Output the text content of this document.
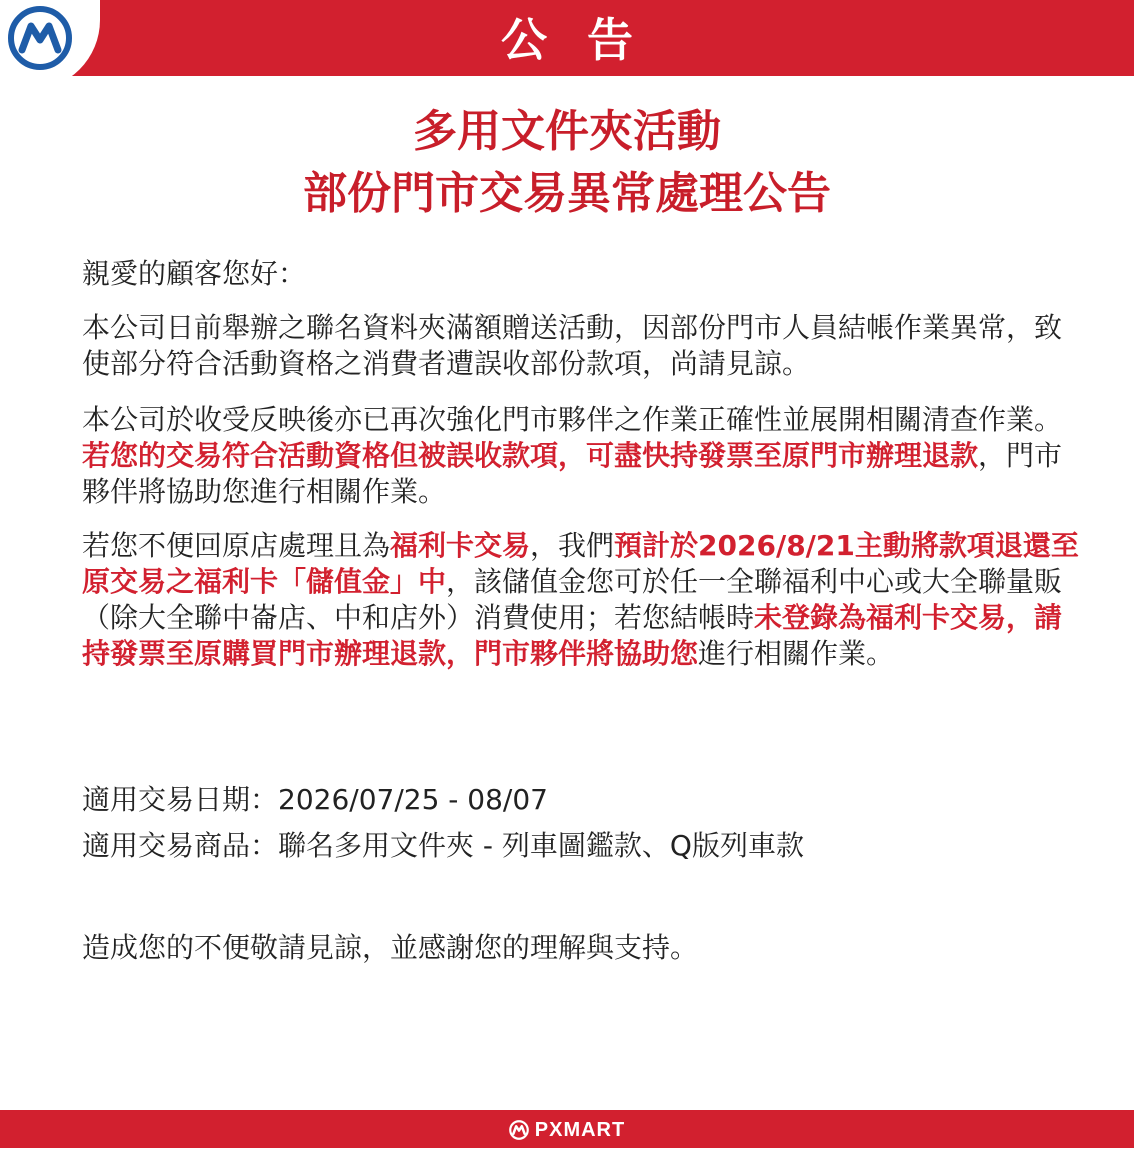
公告
多用文件夾活動
部份門市交易異常處理公告

親愛的顧客您好：

本公司日前舉辦之聯名資料夾滿額贈送活動，因部份門市人員結帳作業異常，致使部分符合活動資格之消費者遭誤收部份款項，尚請見諒。

本公司於收受反映後亦已再次強化門市夥伴之作業正確性並展開相關清查作業。若您的交易符合活動資格但被誤收款項，可盡快持發票至原門市辦理退款，門市夥伴將協助您進行相關作業。

若您不便回原店處理且為福利卡交易，我們預計於2026/8/21主動將款項退還至原交易之福利卡「儲值金」中，該儲值金您可於任一全聯福利中心或大全聯量販（除大全聯中崙店、中和店外）消費使用；若您結帳時未登錄為福利卡交易，請持發票至原購買門市辦理退款，門市夥伴將協助您進行相關作業。

適用交易日期：2026/07/25 - 08/07

適用交易商品：聯名多用文件夾 - 列車圖鑑款、Q版列車款

造成您的不便敬請見諒，並感謝您的理解與支持。

PXMART
